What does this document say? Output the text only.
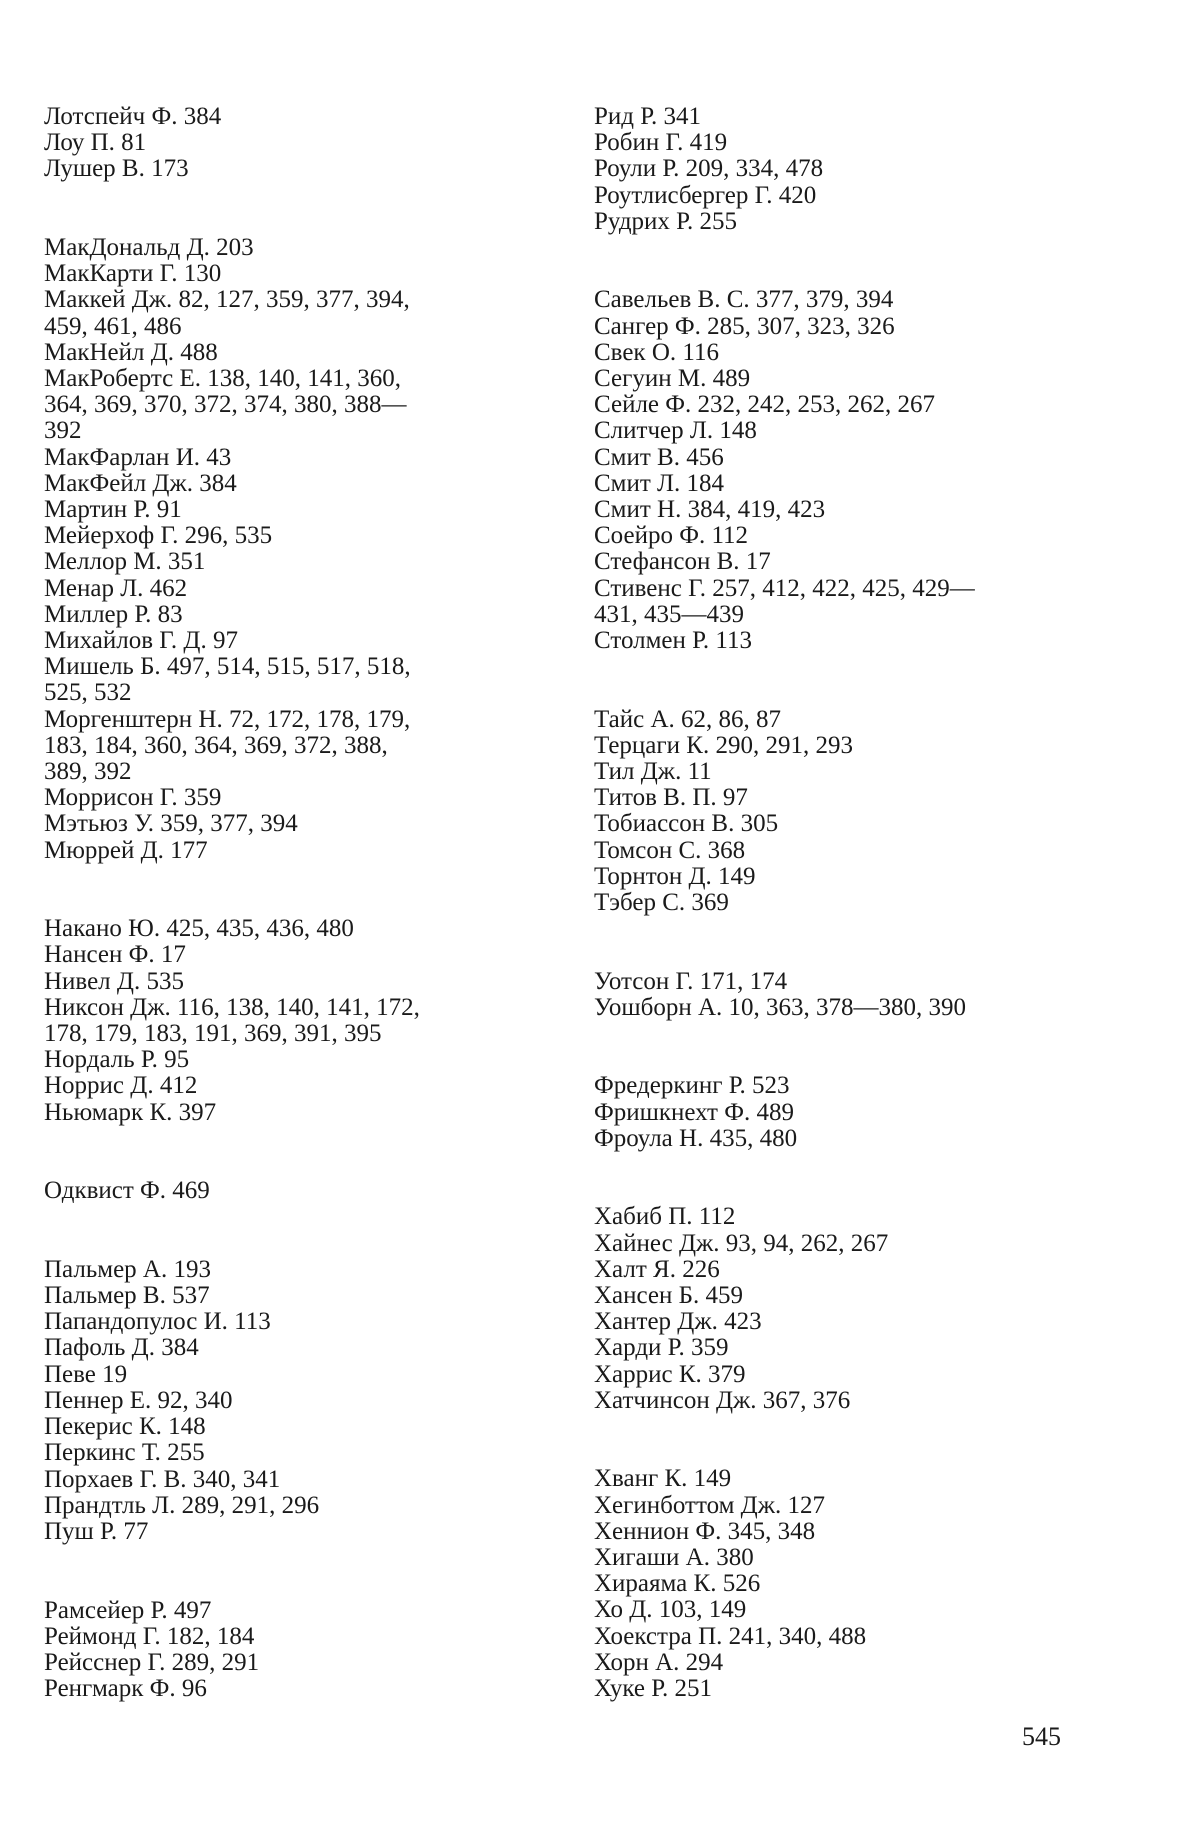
Лотспейч Ф. 384
Лоу П. 81
Лушер В. 173
МакДональд Д. 203
МакКарти Г. 130
Маккей Дж. 82, 127, 359, 377, 394,
459, 461, 486
МакНейл Д. 488
МакРобертс Е. 138, 140, 141, 360,
364, 369, 370, 372, 374, 380, 388—
392
МакФарлан И. 43
МакФейл Дж. 384
Мартин Р. 91
Мейерхоф Г. 296, 535
Меллор М. 351
Менар Л. 462
Миллер Р. 83
Михайлов Г. Д. 97
Мишель Б. 497, 514, 515, 517, 518,
525, 532
Моргенштерн Н. 72, 172, 178, 179,
183, 184, 360, 364, 369, 372, 388,
389, 392
Моррисон Г. 359
Мэтьюз У. 359, 377, 394
Мюррей Д. 177
Накано Ю. 425, 435, 436, 480
Нансен Ф. 17
Нивел Д. 535
Никсон Дж. 116, 138, 140, 141, 172,
178, 179, 183, 191, 369, 391, 395
Нордаль Р. 95
Норрис Д. 412
Ньюмарк К. 397
Одквист Ф. 469
Пальмер А. 193
Пальмер В. 537
Папандопулос И. 113
Пафоль Д. 384
Певе 19
Пеннер Е. 92, 340
Пекерис К. 148
Перкинс Т. 255
Порхаев Г. В. 340, 341
Прандтль Л. 289, 291, 296
Пуш Р. 77
Рамсейер Р. 497
Реймонд Г. 182, 184
Рейсснер Г. 289, 291
Ренгмарк Ф. 96
Рид Р. 341
Робин Г. 419
Роули Р. 209, 334, 478
Роутлисбергер Г. 420
Рудрих Р. 255
Савельев В. С. 377, 379, 394
Сангер Ф. 285, 307, 323, 326
Свек О. 116
Сегуин М. 489
Сейле Ф. 232, 242, 253, 262, 267
Слитчер Л. 148
Смит В. 456
Смит Л. 184
Смит Н. 384, 419, 423
Соейро Ф. 112
Стефансон В. 17
Стивенс Г. 257, 412, 422, 425, 429—
431, 435—439
Столмен Р. 113
Тайс А. 62, 86, 87
Терцаги К. 290, 291, 293
Тил Дж. 11
Титов В. П. 97
Тобиассон В. 305
Томсон С. 368
Торнтон Д. 149
Тэбер С. 369
Уотсон Г. 171, 174
Уошборн А. 10, 363, 378—380, 390
Фредеркинг Р. 523
Фришкнехт Ф. 489
Фроула Н. 435, 480
Хабиб П. 112
Хайнес Дж. 93, 94, 262, 267
Халт Я. 226
Хансен Б. 459
Хантер Дж. 423
Харди Р. 359
Харрис К. 379
Хатчинсон Дж. 367, 376
Хванг К. 149
Хегинботтом Дж. 127
Хеннион Ф. 345, 348
Хигаши А. 380
Хираяма К. 526
Хо Д. 103, 149
Хоекстра П. 241, 340, 488
Хорн А. 294
Хуке Р. 251
545
